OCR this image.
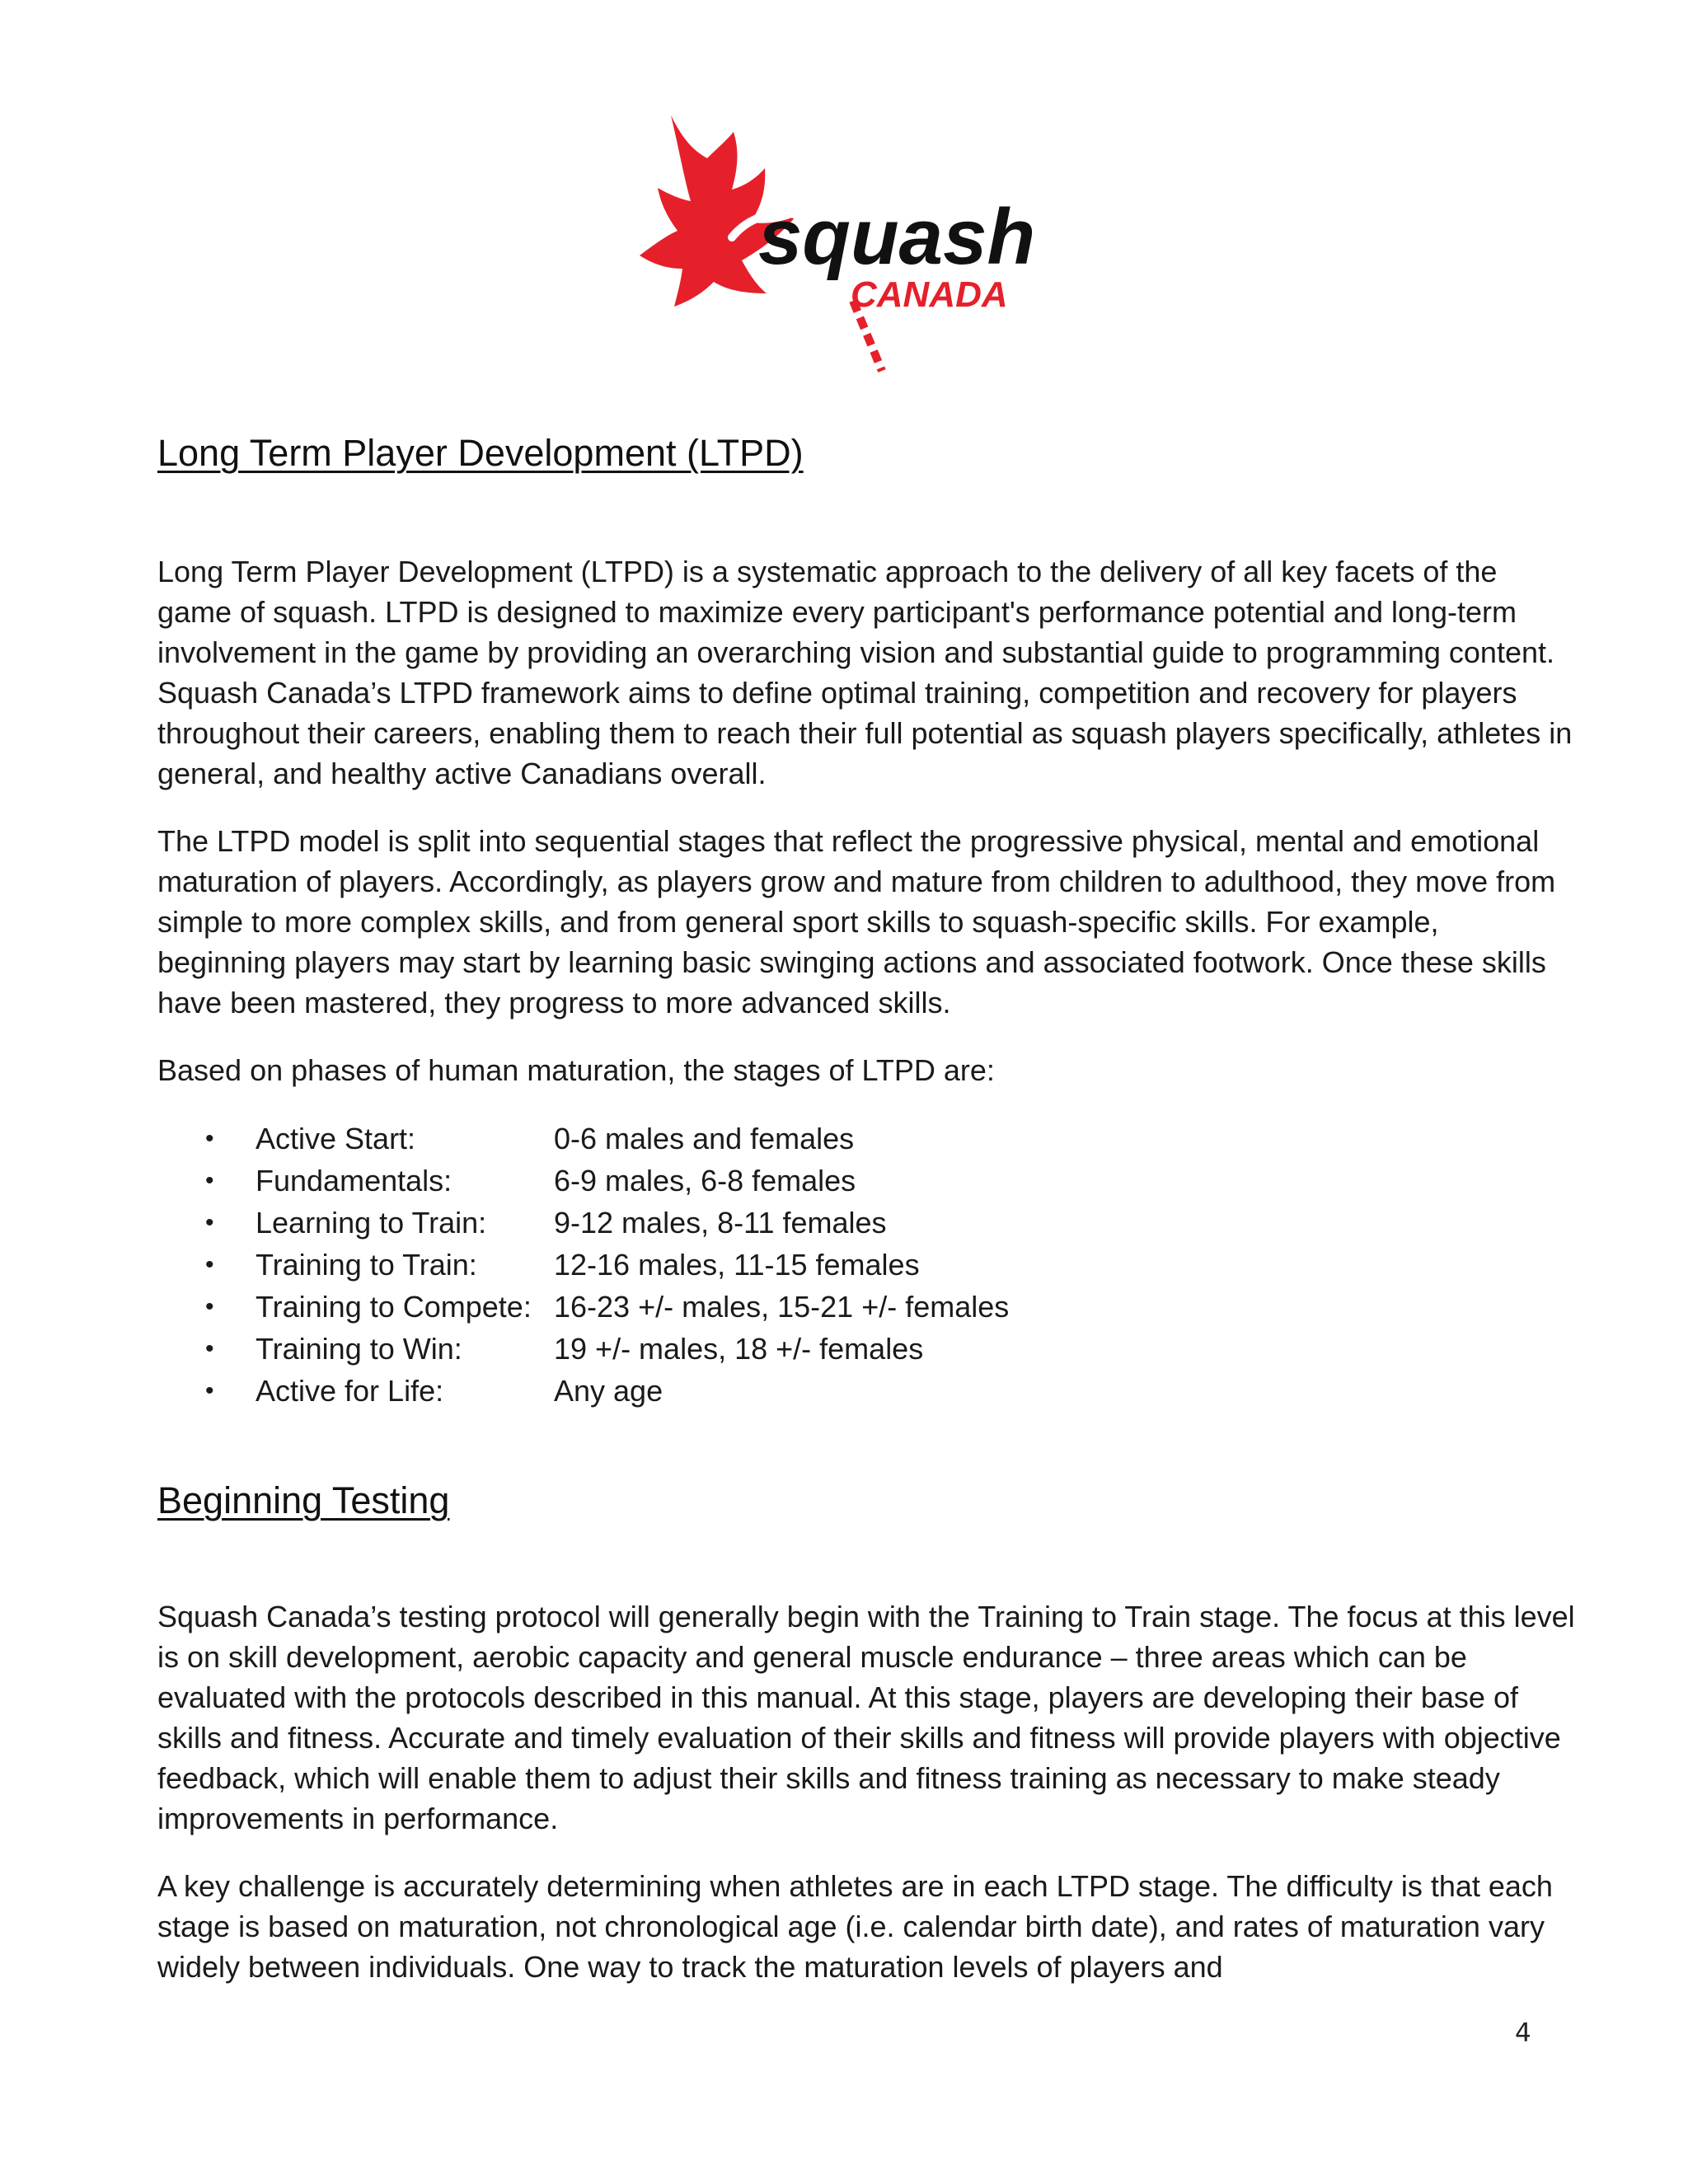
squash
CANADA
Long Term Player Development (LTPD)

Long Term Player Development (LTPD) is a systematic approach to the delivery of all key facets of the game of squash. LTPD is designed to maximize every participant's performance potential and long-term involvement in the game by providing an overarching vision and substantial guide to programming content. Squash Canada’s LTPD framework aims to define optimal training, competition and recovery for players throughout their careers, enabling them to reach their full potential as squash players specifically, athletes in general, and healthy active Canadians overall.

The LTPD model is split into sequential stages that reflect the progressive physical, mental and emotional maturation of players. Accordingly, as players grow and mature from children to adulthood, they move from simple to more complex skills, and from general sport skills to squash-specific skills. For example, beginning players may start by learning basic swinging actions and associated footwork. Once these skills have been mastered, they progress to more advanced skills.

Based on phases of human maturation, the stages of LTPD are:

•	Active Start:	0-6 males and females
•	Fundamentals:	6-9 males, 6-8 females
•	Learning to Train:	9-12 males, 8-11 females
•	Training to Train:	12-16 males, 11-15 females
•	Training to Compete: 16-23 +/- males, 15-21 +/- females
•	Training to Win:	19 +/- males, 18 +/- females
•	Active for Life:	Any age
Beginning Testing

Squash Canada’s testing protocol will generally begin with the Training to Train stage. The focus at this level is on skill development, aerobic capacity and general muscle endurance – three areas which can be evaluated with the protocols described in this manual. At this stage, players are developing their base of skills and fitness. Accurate and timely evaluation of their skills and fitness will provide players with objective feedback, which will enable them to adjust their skills and fitness training as necessary to make steady improvements in performance.

A key challenge is accurately determining when athletes are in each LTPD stage. The difficulty is that each stage is based on maturation, not chronological age (i.e. calendar birth date), and rates of maturation vary widely between individuals. One way to track the maturation levels of players and

4
